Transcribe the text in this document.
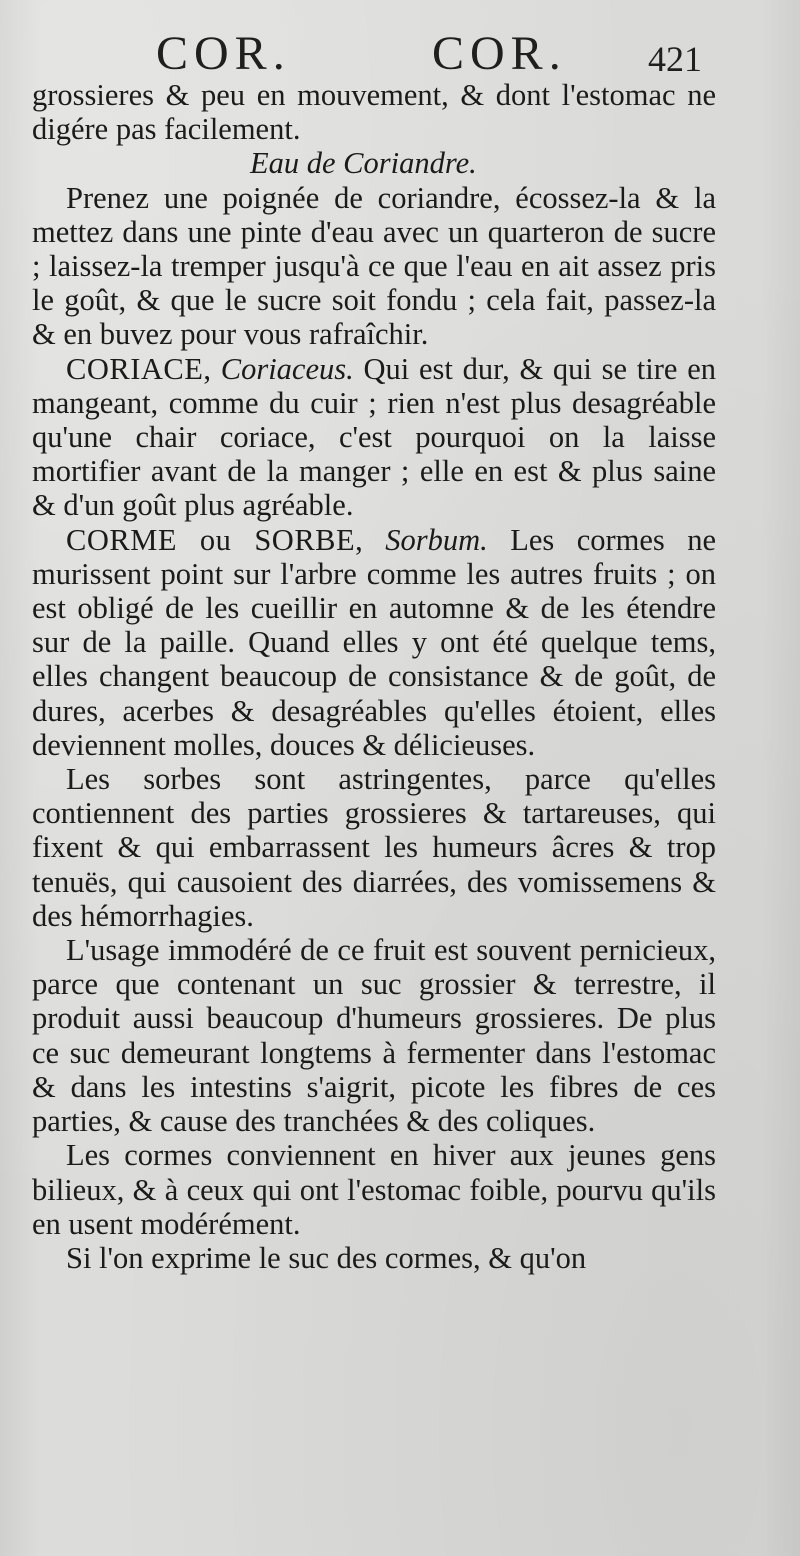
COR.	COR. 421

grossieres & peu en mouvement, & dont l'estomac ne digére pas facilement.

Eau de Coriandre.

Prenez une poignée de coriandre, écossez-la & la mettez dans une pinte d'eau avec un quarteron de sucre ; laissez-la tremper jusqu'à ce que l'eau en ait assez pris le goût, & que le sucre soit fondu ; cela fait, passez-la & en buvez pour vous rafraîchir.

CORIACE, Coriaceus. Qui est dur, & qui se tire en mangeant, comme du cuir ; rien n'est plus desagréable qu'une chair coriace, c'est pourquoi on la laisse mortifier avant de la manger ; elle en est & plus saine & d'un goût plus agréable.

CORME ou SORBE, Sorbum. Les cormes ne murissent point sur l'arbre comme les autres fruits ; on est obligé de les cueillir en automne & de les étendre sur de la paille. Quand elles y ont été quelque tems, elles changent beaucoup de consistance & de goût, de dures, acerbes & desagréables qu'elles étoient, elles deviennent molles, douces & délicieuses.

Les sorbes sont astringentes, parce qu'elles contiennent des parties grossieres & tartareuses, qui fixent & qui embarrassent les humeurs âcres & trop tenuës, qui causoient des diarrées, des vomissemens & des hémorrhagies.

L'usage immodéré de ce fruit est souvent pernicieux, parce que contenant un suc grossier & terrestre, il produit aussi beaucoup d'humeurs grossieres. De plus ce suc demeurant longtems à fermenter dans l'estomac & dans les intestins s'aigrit, picote les fibres de ces parties, & cause des tranchées & des coliques.

Les cormes conviennent en hiver aux jeunes gens bilieux, & à ceux qui ont l'estomac foible, pourvu qu'ils en usent modérément.

Si l'on exprime le suc des cormes, & qu'on
